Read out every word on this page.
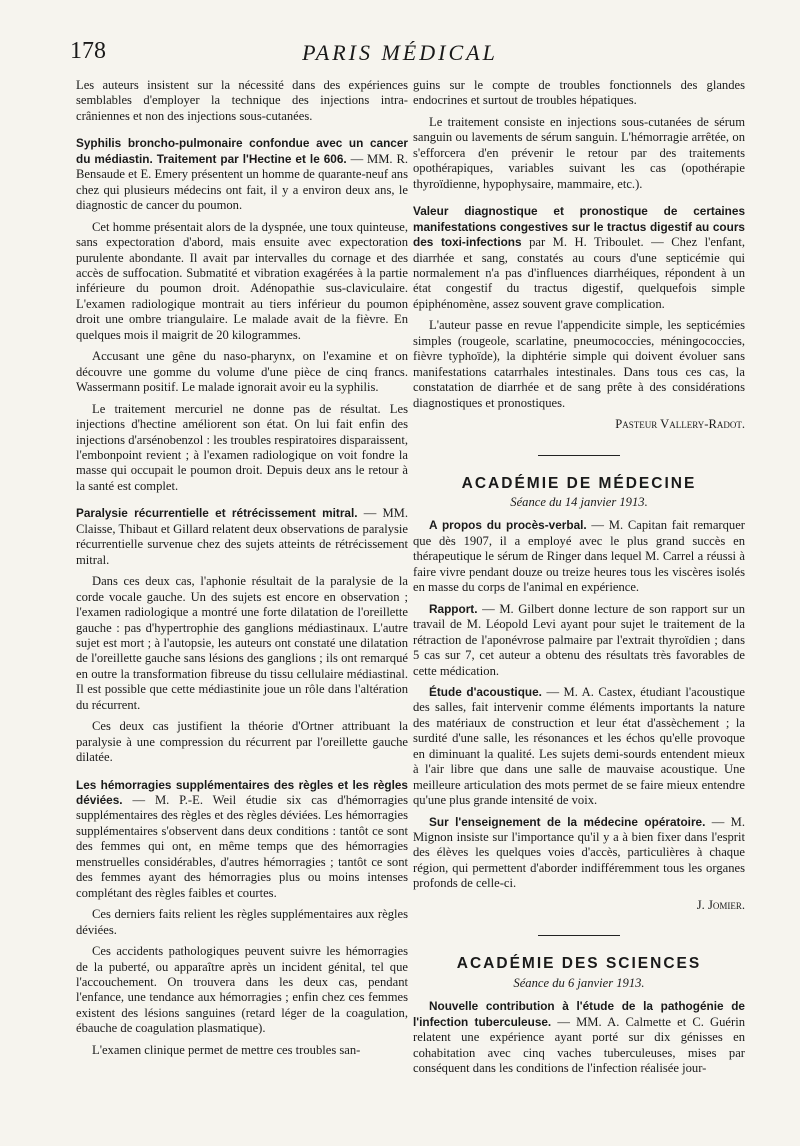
178	PARIS MÉDICAL

Les auteurs insistent sur la nécessité dans des expériences semblables d'employer la technique des injections intra-crâniennes et non des injections sous-cutanées.

Syphilis broncho-pulmonaire confondue avec un cancer du médiastin. Traitement par l'Hectine et le 606. — MM. R. Bensaude et E. Emery présentent un homme de quarante-neuf ans chez qui plusieurs médecins ont fait, il y a environ deux ans, le diagnostic de cancer du poumon.

Cet homme présentait alors de la dyspnée, une toux quinteuse, sans expectoration d'abord, mais ensuite avec expectoration purulente abondante. Il avait par intervalles du cornage et des accès de suffocation. Submatité et vibration exagérées à la partie inférieure du poumon droit. Adénopathie sus-claviculaire. L'examen radiologique montrait au tiers inférieur du poumon droit une ombre triangulaire. Le malade avait de la fièvre. En quelques mois il maigrit de 20 kilogrammes.

Accusant une gêne du naso-pharynx, on l'examine et on découvre une gomme du volume d'une pièce de cinq francs. Wassermann positif. Le malade ignorait avoir eu la syphilis.

Le traitement mercuriel ne donne pas de résultat. Les injections d'hectine améliorent son état. On lui fait enfin des injections d'arsénobenzol : les troubles respiratoires disparaissent, l'embonpoint revient ; à l'examen radiologique on voit fondre la masse qui occupait le poumon droit. Depuis deux ans le retour à la santé est complet.

Paralysie récurrentielle et rétrécissement mitral. — MM. Claisse, Thibaut et Gillard relatent deux observations de paralysie récurrentielle survenue chez des sujets atteints de rétrécissement mitral.

Dans ces deux cas, l'aphonie résultait de la paralysie de la corde vocale gauche. Un des sujets est encore en observation ; l'examen radiologique a montré une forte dilatation de l'oreillette gauche : pas d'hypertrophie des ganglions médiastinaux. L'autre sujet est mort ; à l'autopsie, les auteurs ont constaté une dilatation de l'oreillette gauche sans lésions des ganglions ; ils ont remarqué en outre la transformation fibreuse du tissu cellulaire médiastinal. Il est possible que cette médiastinite joue un rôle dans l'altération du récurrent.

Ces deux cas justifient la théorie d'Ortner attribuant la paralysie à une compression du récurrent par l'oreillette gauche dilatée.

Les hémorragies supplémentaires des règles et les règles déviées. — M. P.-E. Weil étudie six cas d'hémorragies supplémentaires des règles et des règles déviées. Les hémorragies supplémentaires s'observent dans deux conditions : tantôt ce sont des femmes qui ont, en même temps que des hémorragies menstruelles considérables, d'autres hémorragies ; tantôt ce sont des femmes ayant des hémorragies plus ou moins intenses complétant des règles faibles et courtes.

Ces derniers faits relient les règles supplémentaires aux règles déviées.

Ces accidents pathologiques peuvent suivre les hémorragies de la puberté, ou apparaître après un incident génital, tel que l'accouchement. On trouvera dans les deux cas, pendant l'enfance, une tendance aux hémorragies ; enfin chez ces femmes existent des lésions sanguines (retard léger de la coagulation, ébauche de coagulation plasmatique).

L'examen clinique permet de mettre ces troubles san-

guins sur le compte de troubles fonctionnels des glandes endocrines et surtout de troubles hépatiques.

Le traitement consiste en injections sous-cutanées de sérum sanguin ou lavements de sérum sanguin. L'hémorragie arrêtée, on s'efforcera d'en prévenir le retour par des traitements opothérapiques, variables suivant les cas (opothérapie thyroïdienne, hypophysaire, mammaire, etc.).

Valeur diagnostique et pronostique de certaines manifestations congestives sur le tractus digestif au cours des toxi-infections par M. H. Triboulet. — Chez l'enfant, diarrhée et sang, constatés au cours d'une septicémie qui normalement n'a pas d'influences diarrhéiques, répondent à un état congestif du tractus digestif, quelquefois simple épiphénomène, assez souvent grave complication.

L'auteur passe en revue l'appendicite simple, les septicémies simples (rougeole, scarlatine, pneumococcies, méningococcies, fièvre typhoïde), la diphtérie simple qui doivent évoluer sans manifestations catarrhales intestinales. Dans tous ces cas, la constatation de diarrhée et de sang prête à des considérations diagnostiques et pronostiques.

Pasteur Vallery-Radot.

ACADÉMIE DE MÉDECINE
Séance du 14 janvier 1913.

A propos du procès-verbal. — M. Capitan fait remarquer que dès 1907, il a employé avec le plus grand succès en thérapeutique le sérum de Ringer dans lequel M. Carrel a réussi à faire vivre pendant douze ou treize heures tous les viscères isolés en masse du corps de l'animal en expérience.

Rapport. — M. Gilbert donne lecture de son rapport sur un travail de M. Léopold Levi ayant pour sujet le traitement de la rétraction de l'aponévrose palmaire par l'extrait thyroïdien ; dans 5 cas sur 7, cet auteur a obtenu des résultats très favorables de cette médication.

Étude d'acoustique. — M. A. Castex, étudiant l'acoustique des salles, fait intervenir comme éléments importants la nature des matériaux de construction et leur état d'assèchement ; la surdité d'une salle, les résonances et les échos qu'elle provoque en diminuant la qualité. Les sujets demi-sourds entendent mieux à l'air libre que dans une salle de mauvaise acoustique. Une meilleure articulation des mots permet de se faire mieux entendre qu'une plus grande intensité de voix.

Sur l'enseignement de la médecine opératoire. — M. Mignon insiste sur l'importance qu'il y a à bien fixer dans l'esprit des élèves les quelques voies d'accès, particulières à chaque région, qui permettent d'aborder indifféremment tous les organes profonds de celle-ci.

J. Jomier.

ACADÉMIE DES SCIENCES
Séance du 6 janvier 1913.

Nouvelle contribution à l'étude de la pathogénie de l'infection tuberculeuse. — MM. A. Calmette et C. Guérin relatent une expérience ayant porté sur dix génisses en cohabitation avec cinq vaches tuberculeuses, mises par conséquent dans les conditions de l'infection réalisée jour-
